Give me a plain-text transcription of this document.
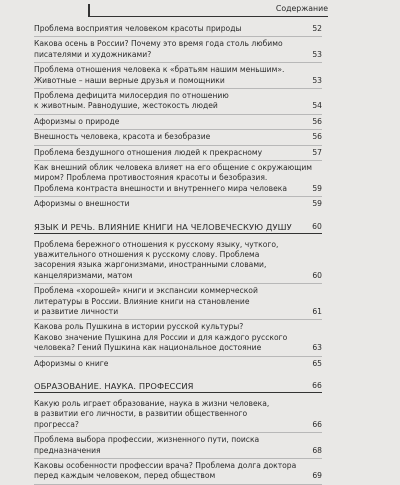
Содержание
Проблема восприятия человеком красоты природы	52
Какова осень в России? Почему это время года столь любимо
писателями и художниками?	53
Проблема отношения человека к «братьям нашим меньшим».
Животные – наши верные друзья и помощники	53
Проблема дефицита милосердия по отношению
к животным. Равнодушие, жестокость людей	54
Афоризмы о природе	56
Внешность человека, красота и безобразие	56
Проблема бездушного отношения людей к прекрасному	57
Как внешний облик человека влияет на его общение с окружающим
миром? Проблема противостояния красоты и безобразия.
Проблема контраста внешности и внутреннего мира человека	59
Афоризмы о внешности	59
ЯЗЫК И РЕЧЬ. ВЛИЯНИЕ КНИГИ НА ЧЕЛОВЕЧЕСКУЮ ДУШУ	60
Проблема бережного отношения к русскому языку, чуткого,
уважительного отношения к русскому слову. Проблема
засорения языка жаргонизмами, иностранными словами,
канцеляризмами, матом	60
Проблема «хорошей» книги и экспансии коммерческой
литературы в России. Влияние книги на становление
и развитие личности	61
Какова роль Пушкина в истории русской культуры?
Каково значение Пушкина для России и для каждого русского
человека? Гений Пушкина как национальное достояние	63
Афоризмы о книге	65
ОБРАЗОВАНИЕ. НАУКА. ПРОФЕССИЯ	66
Какую роль играет образование, наука в жизни человека,
в развитии его личности, в развитии общественного
прогресса?	66
Проблема выбора профессии, жизненного пути, поиска
предназначения	68
Каковы особенности профессии врача? Проблема долга доктора
перед каждым человеком, перед обществом	69
